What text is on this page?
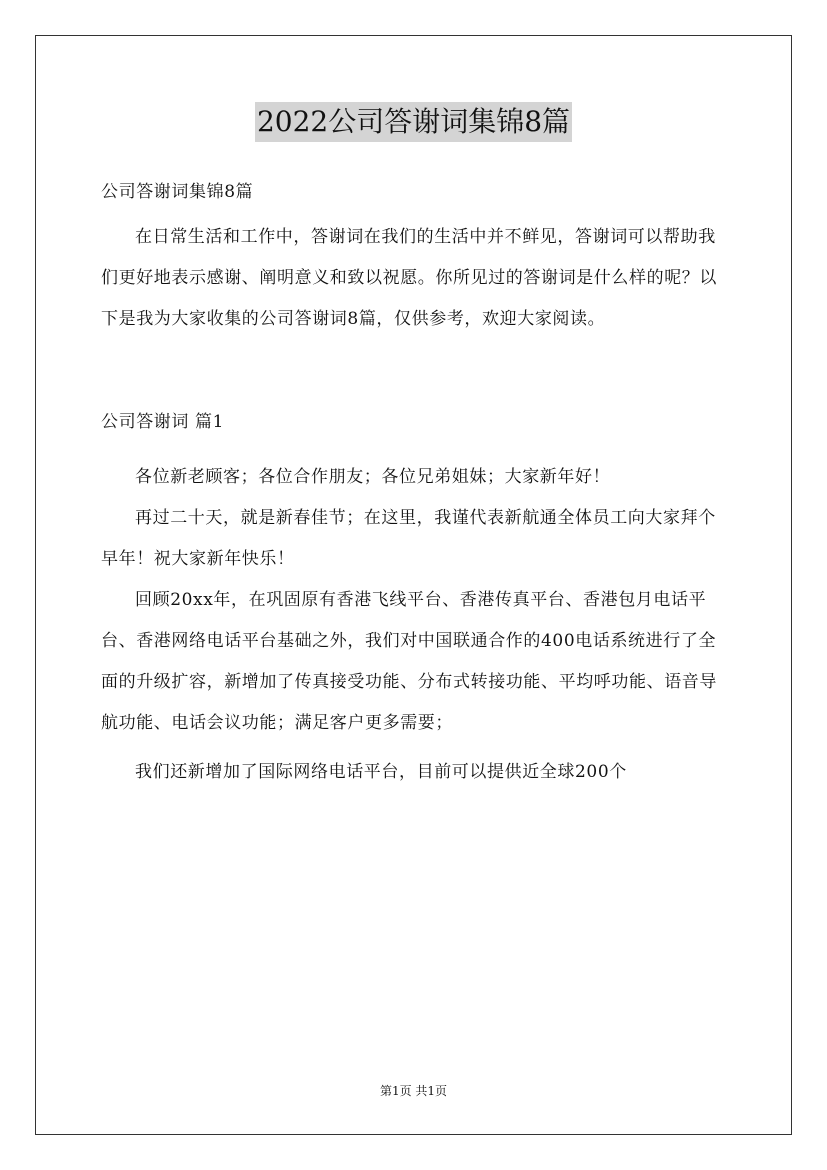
2022公司答谢词集锦8篇

公司答谢词集锦8篇

在日常生活和工作中，答谢词在我们的生活中并不鲜见，答谢词可以帮助我们更好地表示感谢、阐明意义和致以祝愿。你所见过的答谢词是什么样的呢？以下是我为大家收集的公司答谢词8篇，仅供参考，欢迎大家阅读。

公司答谢词 篇1

各位新老顾客；各位合作朋友；各位兄弟姐妹；大家新年好！

再过二十天，就是新春佳节；在这里，我谨代表新航通全体员工向大家拜个早年！祝大家新年快乐！

回顾20xx年，在巩固原有香港飞线平台、香港传真平台、香港包月电话平台、香港网络电话平台基础之外，我们对中国联通合作的400电话系统进行了全面的升级扩容，新增加了传真接受功能、分布式转接功能、平均呼功能、语音导航功能、电话会议功能；满足客户更多需要；

我们还新增加了国际网络电话平台，目前可以提供近全球200个

第1页 共1页
